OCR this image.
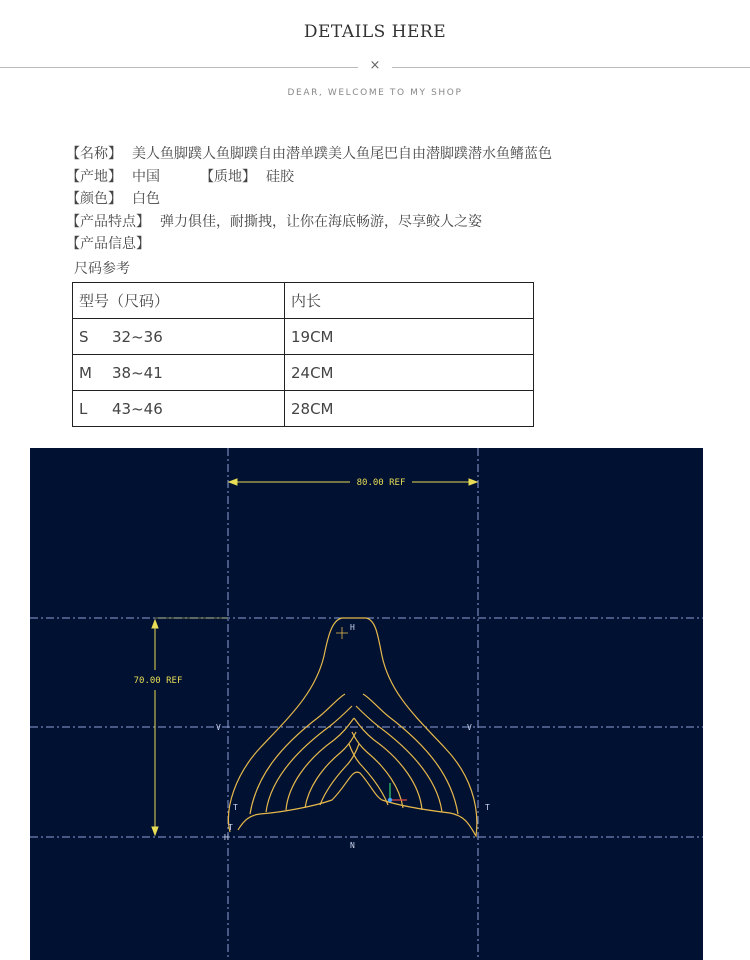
DETAILS HERE
×
DEAR, WELCOME TO MY SHOP
【名称】 美人鱼脚蹼人鱼脚蹼自由潜单蹼美人鱼尾巴自由潜脚蹼潜水鱼鳍蓝色
【产地】 中国	【质地】 硅胶
【颜色】 白色
【产品特点】 弹力俱佳，耐撕拽，让你在海底畅游，尽享鲛人之姿
【产品信息】
尺码参考
型号（尺码）	内长
S 32~36	19CM
M 38~41	24CM
L 43~46	28CM
80.00 REF
70.00 REF
H
V	V
T	T
N
T
H
